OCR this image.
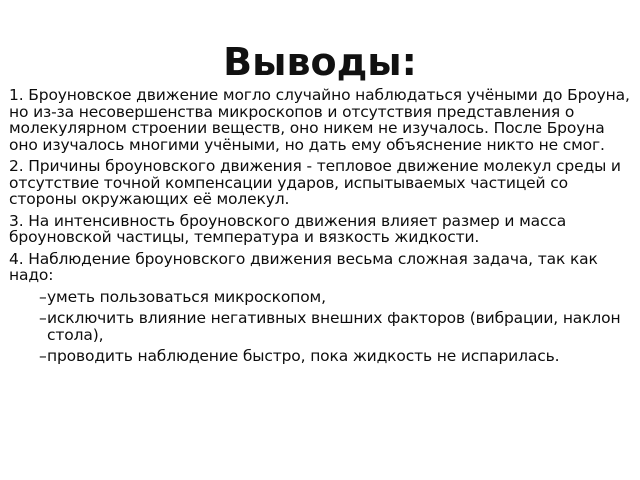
Выводы:

1. Броуновское движение могло случайно наблюдаться учёными до Броуна, но из-за несовершенства микроскопов и отсутствия представления о молекулярном строении веществ, оно никем не изучалось. После Броуна оно изучалось многими учёными, но дать ему объяснение никто не смог.

2. Причины броуновского движения - тепловое движение молекул среды и отсутствие точной компенсации ударов, испытываемых частицей со стороны окружающих её молекул.

3. На интенсивность броуновского движения влияет размер и масса броуновской частицы, температура и вязкость жидкости.

4. Наблюдение броуновского движения весьма сложная задача, так как надо:

– уметь пользоваться микроскопом,
– исключить влияние негативных внешних факторов (вибрации, наклон стола),
– проводить наблюдение быстро, пока жидкость не испарилась.
